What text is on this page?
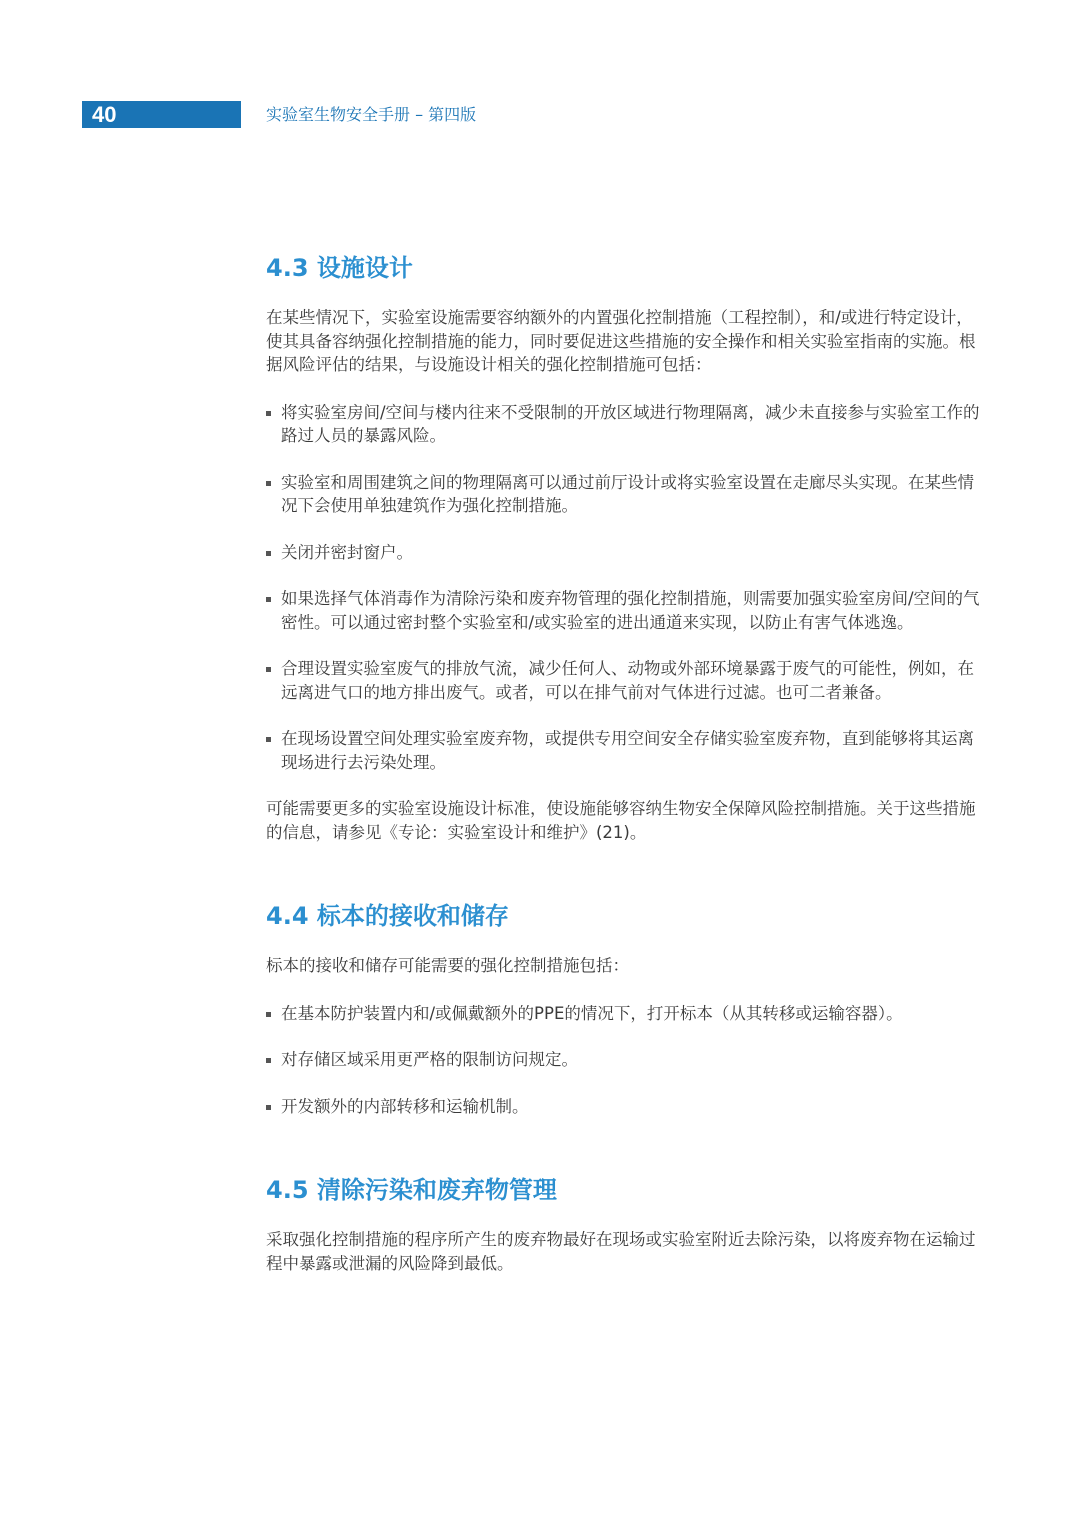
40	实验室生物安全手册 – 第四版
4.3 设施设计

在某些情况下，实验室设施需要容纳额外的内置强化控制措施（工程控制），和/或进行特定设计，使其具备容纳强化控制措施的能力，同时要促进这些措施的安全操作和相关实验室指南的实施。根据风险评估的结果，与设施设计相关的强化控制措施可包括：

将实验室房间/空间与楼内往来不受限制的开放区域进行物理隔离，减少未直接参与实验室工作的路过人员的暴露风险。
实验室和周围建筑之间的物理隔离可以通过前厅设计或将实验室设置在走廊尽头实现。在某些情况下会使用单独建筑作为强化控制措施。
关闭并密封窗户。
如果选择气体消毒作为清除污染和废弃物管理的强化控制措施，则需要加强实验室房间/空间的气密性。可以通过密封整个实验室和/或实验室的进出通道来实现，以防止有害气体逃逸。
合理设置实验室废气的排放气流，减少任何人、动物或外部环境暴露于废气的可能性，例如，在远离进气口的地方排出废气。或者，可以在排气前对气体进行过滤。也可二者兼备。
在现场设置空间处理实验室废弃物，或提供专用空间安全存储实验室废弃物，直到能够将其运离现场进行去污染处理。

可能需要更多的实验室设施设计标准，使设施能够容纳生物安全保障风险控制措施。关于这些措施的信息，请参见《专论：实验室设计和维护》(21)。

4.4 标本的接收和储存

标本的接收和储存可能需要的强化控制措施包括：

在基本防护装置内和/或佩戴额外的PPE的情况下，打开标本（从其转移或运输容器）。
对存储区域采用更严格的限制访问规定。
开发额外的内部转移和运输机制。
4.5 清除污染和废弃物管理

采取强化控制措施的程序所产生的废弃物最好在现场或实验室附近去除污染，以将废弃物在运输过程中暴露或泄漏的风险降到最低。
